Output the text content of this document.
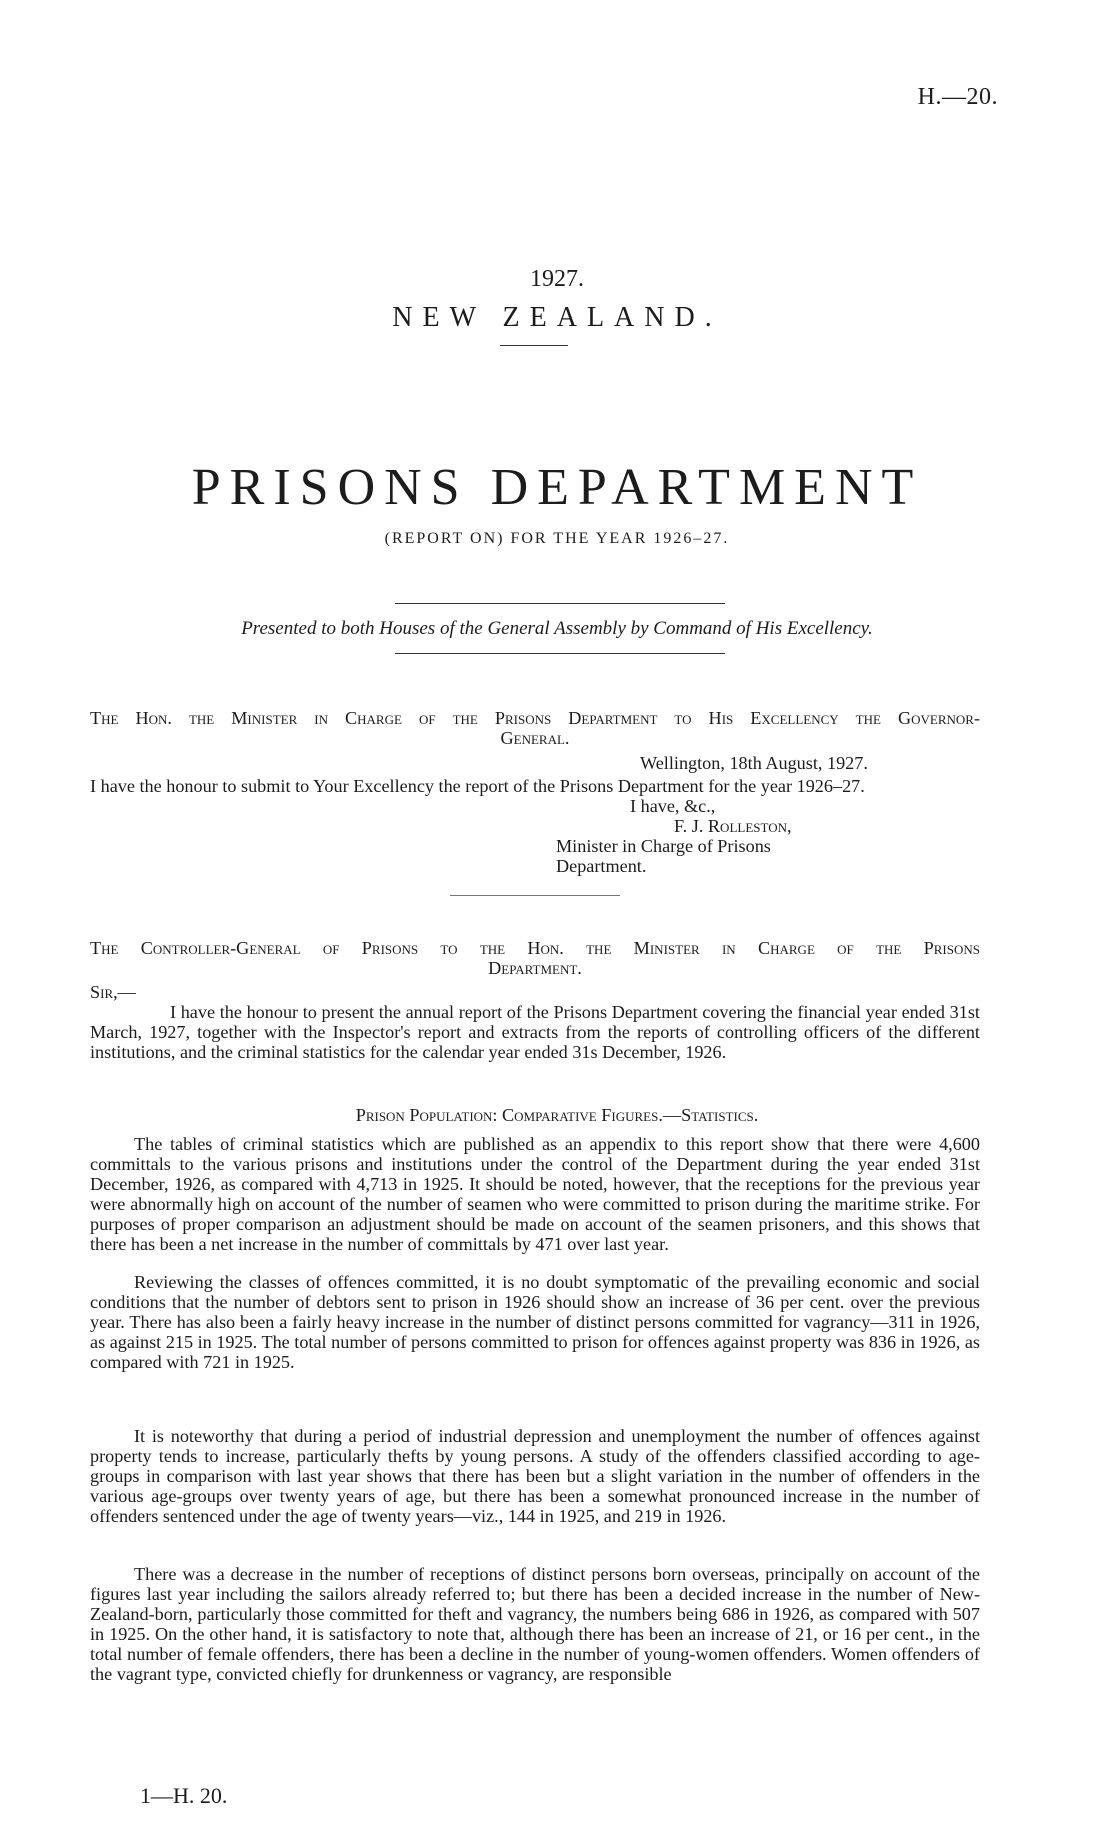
H.—20.
1927.
NEW ZEALAND.
PRISONS DEPARTMENT
(REPORT ON) FOR THE YEAR 1926–27.
Presented to both Houses of the General Assembly by Command of His Excellency.
The Hon. the Minister in Charge of the Prisons Department to His Excellency the Governor-
General.
Wellington, 18th August, 1927.
I have the honour to submit to Your Excellency the report of the Prisons Department for the year 1926–27.
I have, &c.,
F. J. Rolleston,
Minister in Charge of Prisons Department.
The Controller-General of Prisons to the Hon. the Minister in Charge of the Prisons
Department.
Sir,—
I have the honour to present the annual report of the Prisons Department covering the financial year ended 31st March, 1927, together with the Inspector's report and extracts from the reports of controlling officers of the different institutions, and the criminal statistics for the calendar year ended 31s December, 1926.
Prison Population: Comparative Figures.—Statistics.
The tables of criminal statistics which are published as an appendix to this report show that there were 4,600 committals to the various prisons and institutions under the control of the Department during the year ended 31st December, 1926, as compared with 4,713 in 1925. It should be noted, however, that the receptions for the previous year were abnormally high on account of the number of seamen who were committed to prison during the maritime strike. For purposes of proper comparison an adjustment should be made on account of the seamen prisoners, and this shows that there has been a net increase in the number of committals by 471 over last year.
Reviewing the classes of offences committed, it is no doubt symptomatic of the prevailing economic and social conditions that the number of debtors sent to prison in 1926 should show an increase of 36 per cent. over the previous year. There has also been a fairly heavy increase in the number of distinct persons committed for vagrancy—311 in 1926, as against 215 in 1925. The total number of persons committed to prison for offences against property was 836 in 1926, as compared with 721 in 1925.
It is noteworthy that during a period of industrial depression and unemployment the number of offences against property tends to increase, particularly thefts by young persons. A study of the offenders classified according to age-groups in comparison with last year shows that there has been but a slight variation in the number of offenders in the various age-groups over twenty years of age, but there has been a somewhat pronounced increase in the number of offenders sentenced under the age of twenty years—viz., 144 in 1925, and 219 in 1926.
There was a decrease in the number of receptions of distinct persons born overseas, principally on account of the figures last year including the sailors already referred to; but there has been a decided increase in the number of New-Zealand-born, particularly those committed for theft and vagrancy, the numbers being 686 in 1926, as compared with 507 in 1925. On the other hand, it is satisfactory to note that, although there has been an increase of 21, or 16 per cent., in the total number of female offenders, there has been a decline in the number of young-women offenders. Women offenders of the vagrant type, convicted chiefly for drunkenness or vagrancy, are responsible
1—H. 20.
